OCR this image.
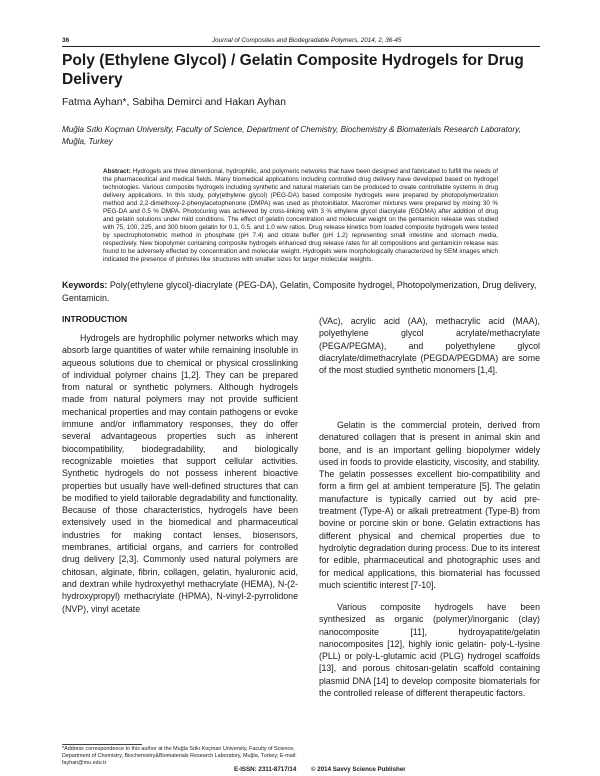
36	Journal of Composites and Biodegradable Polymers, 2014, 2, 36-45
Poly (Ethylene Glycol) / Gelatin Composite Hydrogels for Drug Delivery
Fatma Ayhan*, Sabiha Demirci and Hakan Ayhan
Muğla Sıtkı Koçman University, Faculty of Science, Department of Chemistry, Biochemistry & Biomaterials Research Laboratory, Muğla, Turkey

Abstract: Hydrogels are three dimentional, hydrophilic, and polymeric networks that have been designed and fabricated to fulfill the needs of the pharmaceutical and medical fields. Many biomedical applications including controlled drug delivery have developed based on hydrogel technologies. Various composite hydrogels including synthetic and natural materials can be produced to create controllable systems in drug delivery applications. In this study, poly(ethylene glycol) (PEG-DA) based composite hydrogels were prepared by photopolymerization method and 2,2-dimethoxy-2-phenylacetophenone (DMPA) was used as photoinitiator. Macromer mixtures were prepared by mixing 30 % PEG-DA and 0.5 % DMPA. Photocuring was achieved by cross-linking with 3 % ethylene glycol diacrylate (EGDMA) after addition of drug and gelatin solutions under mild conditions. The effect of gelatin concentration and molecular weight on the gentamicin release was studied with 75, 100, 225, and 300 bloom gelatin for 0.1, 0.5, and 1.0 w/w ratios. Drug release kinetics from loaded composite hydrogels were tested by spectrophotometric method in phosphate (pH 7.4) and citrate buffer (pH 1.2) representing small intestine and stomach media, respectively. New biopolymer containing composite hydrogels enhanced drug release rates for all compositions and gentamicin release was found to be adversely effected by concentration and molecular weight. Hydrogels were morphologically characterized by SEM images which indicated the presence of pinholes like structures with smaller sizes for larger molecular weights.

Keywords: Poly(ethylene glycol)-diacrylate (PEG-DA), Gelatin, Composite hydrogel, Photopolymerization, Drug delivery, Gentamicin.

INTRODUCTION

Hydrogels are hydrophilic polymer networks which may absorb large quantities of water while remaining insoluble in aqueous solutions due to chemical or physical crosslinking of individual polymer chains [1,2]. They can be prepared from natural or synthetic polymers. Although hydrogels made from natural polymers may not provide sufficient mechanical properties and may contain pathogens or evoke immune and/or inflammatory responses, they do offer several advantageous properties such as inherent biocompatibility, biodegradability, and biologically recognizable moieties that support cellular activities. Synthetic hydrogels do not possess inherent bioactive properties but usually have well-defined structures that can be modified to yield tailorable degradability and functionality. Because of those characteristics, hydrogels have been extensively used in the biomedical and pharmaceutical industries for making contact lenses, biosensors, membranes, artificial organs, and carriers for controlled drug delivery [2,3]. Commonly used natural polymers are chitosan, alginate, fibrin, collagen, gelatin, hyaluronic acid, and dextran while hydroxyethyl methacrylate (HEMA), N-(2-hydroxypropyl) methacrylate (HPMA), N-vinyl-2-pyrrolidone (NVP), vinyl acetate

(VAc), acrylic acid (AA), methacrylic acid (MAA), polyethylene glycol acrylate/methacrylate (PEGA/PEGMA), and polyethylene glycol diacrylate/dimethacrylate (PEGDA/PEGDMA) are some of the most studied synthetic monomers [1,4].

Gelatin is the commercial protein, derived from denatured collagen that is present in animal skin and bone, and is an important gelling biopolymer widely used in foods to provide elasticity, viscosity, and stability. The gelatin possesses excellent bio-compatibility and form a firm gel at ambient temperature [5]. The gelatin manufacture is typically carried out by acid pre-treatment (Type-A) or alkali pretreatment (Type-B) from bovine or porcine skin or bone. Gelatin extractions has different physical and chemical properties due to hydrolytic degradation during process. Due to its interest for edible, pharmaceutical and photographic uses and for medical applications, this biomaterial has focussed much scientific interest [7-10].

Various composite hydrogels have been synthesized as organic (polymer)/inorganic (clay) nanocomposite [11], hydroyapatite/gelatin nanocomposites [12], highly ionic gelatin- poly-L-lysine (PLL) or poly-L-glutamic acid (PLG) hydrogel scaffolds [13], and porous chitosan-gelatin scaffold containing plasmid DNA [14] to develop composite biomaterials for the controlled release of different therapeutic factors.

*Address correspondence to this author at the Muğla Sıtkı Koçman University, Faculty of Science, Department of Chemistry, Biochemistry&Biomaterials Research Laboratory, Muğla, Turkey; E-mail: fayhan@mu.edu.tr
E-ISSN: 2311-8717/14 © 2014 Savvy Science Publisher
